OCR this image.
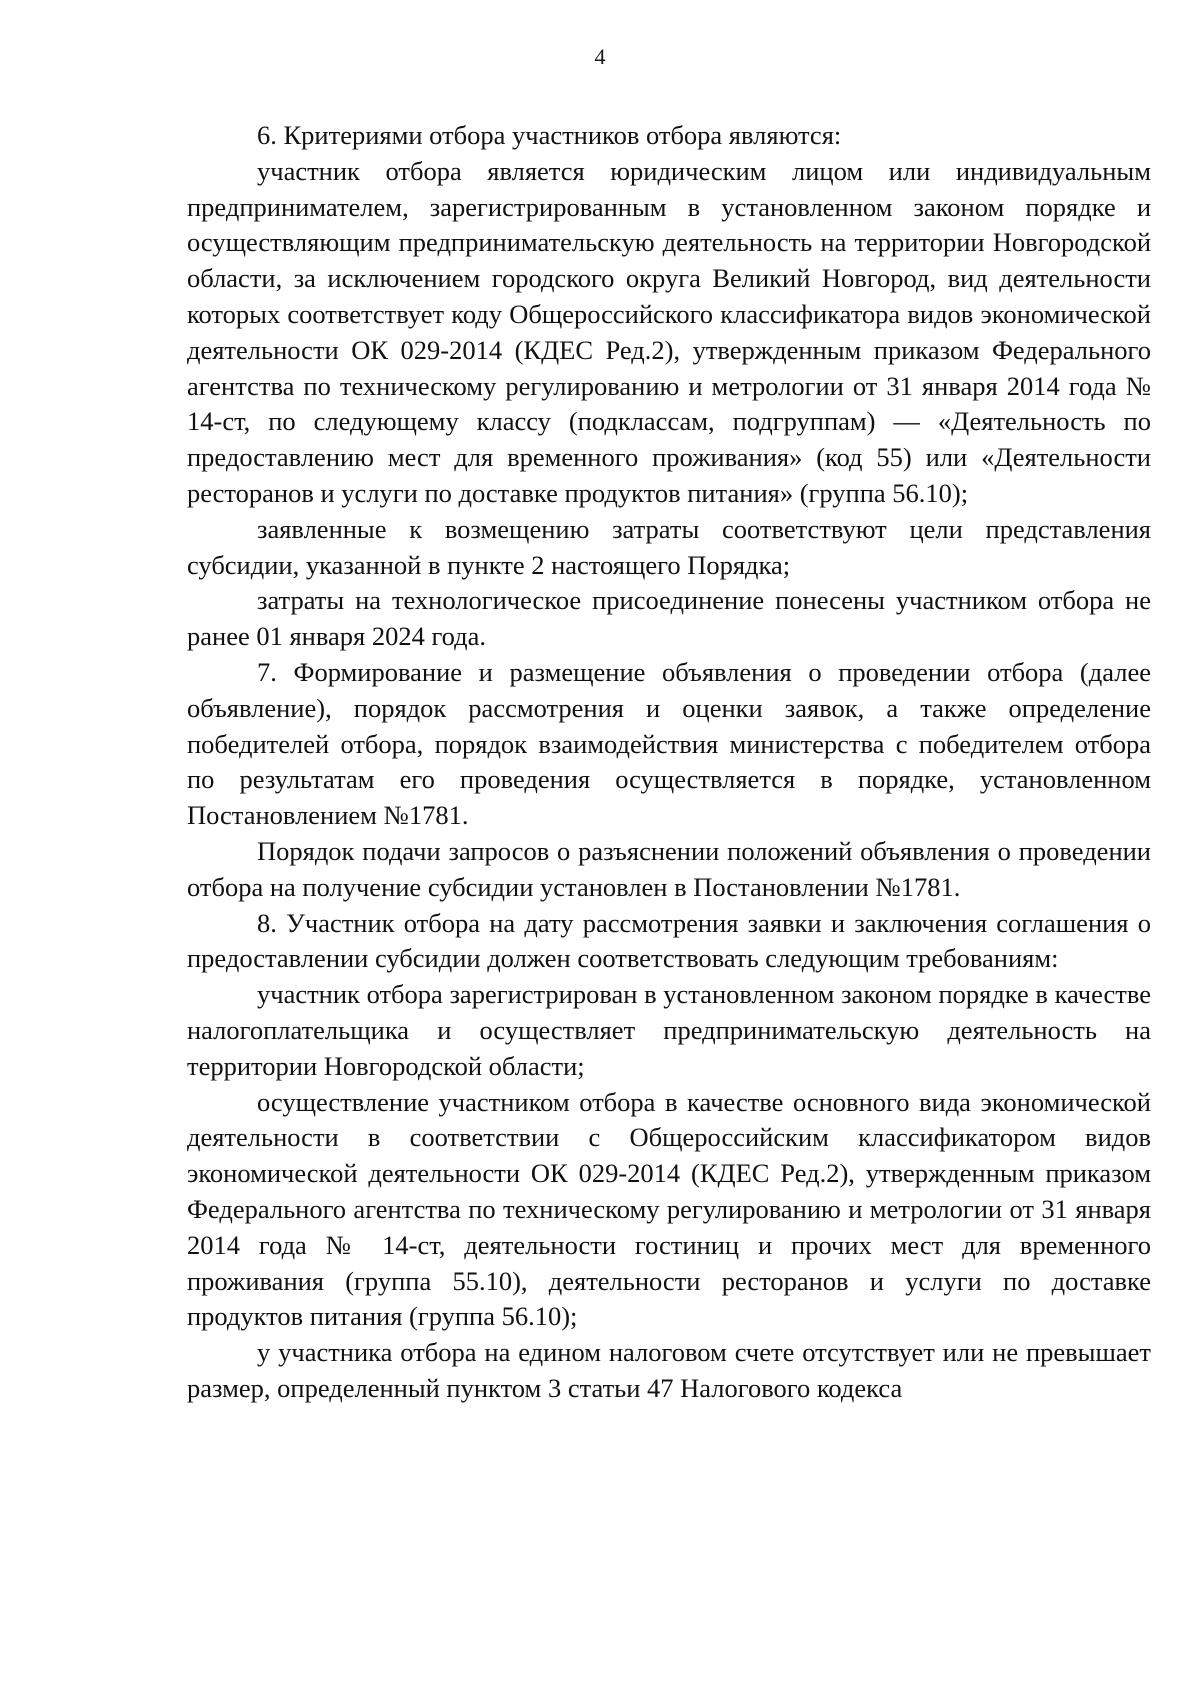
4

6. Критериями отбора участников отбора являются:

участник отбора является юридическим лицом или индивидуальным предпринимателем, зарегистрированным в установленном законом порядке и осуществляющим предпринимательскую деятельность на территории Новгородской области, за исключением городского округа Великий Новгород, вид деятельности которых соответствует коду Общероссийского классификатора видов экономической деятельности ОК 029-2014 (КДЕС Ред.2), утвержденным приказом Федерального агентства по техническому регулированию и метрологии от 31 января 2014 года № 14-ст, по следующему классу (подклассам, подгруппам) — «Деятельность по предоставлению мест для временного проживания» (код 55) или «Деятельности ресторанов и услуги по доставке продуктов питания» (группа 56.10);

заявленные к возмещению затраты соответствуют цели представления субсидии, указанной в пункте 2 настоящего Порядка;

затраты на технологическое присоединение понесены участником отбора не ранее 01 января 2024 года.

7. Формирование и размещение объявления о проведении отбора (далее объявление), порядок рассмотрения и оценки заявок, а также определение победителей отбора, порядок взаимодействия министерства с победителем отбора по результатам его проведения осуществляется в порядке, установленном Постановлением №1781.

Порядок подачи запросов о разъяснении положений объявления о проведении отбора на получение субсидии установлен в Постановлении №1781.

8. Участник отбора на дату рассмотрения заявки и заключения соглашения о предоставлении субсидии должен соответствовать следующим требованиям:

участник отбора зарегистрирован в установленном законом порядке в качестве налогоплательщика и осуществляет предпринимательскую деятельность на территории Новгородской области;

осуществление участником отбора в качестве основного вида экономической деятельности в соответствии с Общероссийским классификатором видов экономической деятельности ОК 029-2014 (КДЕС Ред.2), утвержденным приказом Федерального агентства по техническому регулированию и метрологии от 31 января 2014 года № 14-ст, деятельности гостиниц и прочих мест для временного проживания (группа 55.10), деятельности ресторанов и услуги по доставке продуктов питания (группа 56.10);

у участника отбора на едином налоговом счете отсутствует или не превышает размер, определенный пунктом 3 статьи 47 Налогового кодекса
